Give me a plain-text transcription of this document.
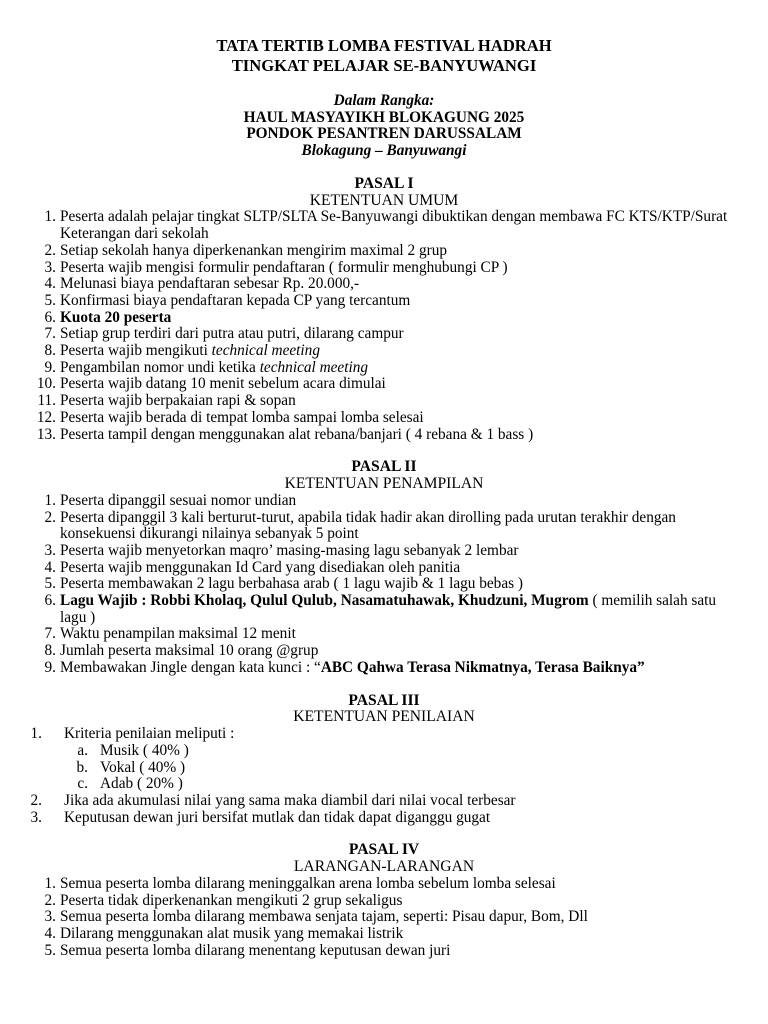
TATA TERTIB LOMBA FESTIVAL HADRAH
TINGKAT PELAJAR SE-BANYUWANGI
Dalam Rangka:
HAUL MASYAYIKH BLOKAGUNG 2025
PONDOK PESANTREN DARUSSALAM
Blokagung – Banyuwangi
PASAL I
KETENTUAN UMUM
1. Peserta adalah pelajar tingkat SLTP/SLTA Se-Banyuwangi dibuktikan dengan membawa FC KTS/KTP/Surat Keterangan dari sekolah
2. Setiap sekolah hanya diperkenankan mengirim maximal 2 grup
3. Peserta wajib mengisi formulir pendaftaran ( formulir menghubungi CP )
4. Melunasi biaya pendaftaran sebesar Rp. 20.000,-
5. Konfirmasi biaya pendaftaran kepada CP yang tercantum
6. Kuota 20 peserta
7. Setiap grup terdiri dari putra atau putri, dilarang campur
8. Peserta wajib mengikuti technical meeting
9. Pengambilan nomor undi ketika technical meeting
10. Peserta wajib datang 10 menit sebelum acara dimulai
11. Peserta wajib berpakaian rapi & sopan
12. Peserta wajib berada di tempat lomba sampai lomba selesai
13. Peserta tampil dengan menggunakan alat rebana/banjari ( 4 rebana & 1 bass )
PASAL II
KETENTUAN PENAMPILAN
1. Peserta dipanggil sesuai nomor undian
2. Peserta dipanggil 3 kali berturut-turut, apabila tidak hadir akan dirolling pada urutan terakhir dengan konsekuensi dikurangi nilainya sebanyak 5 point
3. Peserta wajib menyetorkan maqro’ masing-masing lagu sebanyak 2 lembar
4. Peserta wajib menggunakan Id Card yang disediakan oleh panitia
5. Peserta membawakan 2 lagu berbahasa arab ( 1 lagu wajib & 1 lagu bebas )
6. Lagu Wajib : Robbi Kholaq, Qulul Qulub, Nasamatuhawak, Khudzuni, Mugrom ( memilih salah satu lagu )
7. Waktu penampilan maksimal 12 menit
8. Jumlah peserta maksimal 10 orang @grup
9. Membawakan Jingle dengan kata kunci : “ABC Qahwa Terasa Nikmatnya, Terasa Baiknya”
PASAL III
KETENTUAN PENILAIAN
1. Kriteria penilaian meliputi :
a. Musik ( 40% )
b. Vokal ( 40% )
c. Adab ( 20% )
2. Jika ada akumulasi nilai yang sama maka diambil dari nilai vocal terbesar
3. Keputusan dewan juri bersifat mutlak dan tidak dapat diganggu gugat
PASAL IV
LARANGAN-LARANGAN
1. Semua peserta lomba dilarang meninggalkan arena lomba sebelum lomba selesai
2. Peserta tidak diperkenankan mengikuti 2 grup sekaligus
3. Semua peserta lomba dilarang membawa senjata tajam, seperti: Pisau dapur, Bom, Dll
4. Dilarang menggunakan alat musik yang memakai listrik
5. Semua peserta lomba dilarang menentang keputusan dewan juri
